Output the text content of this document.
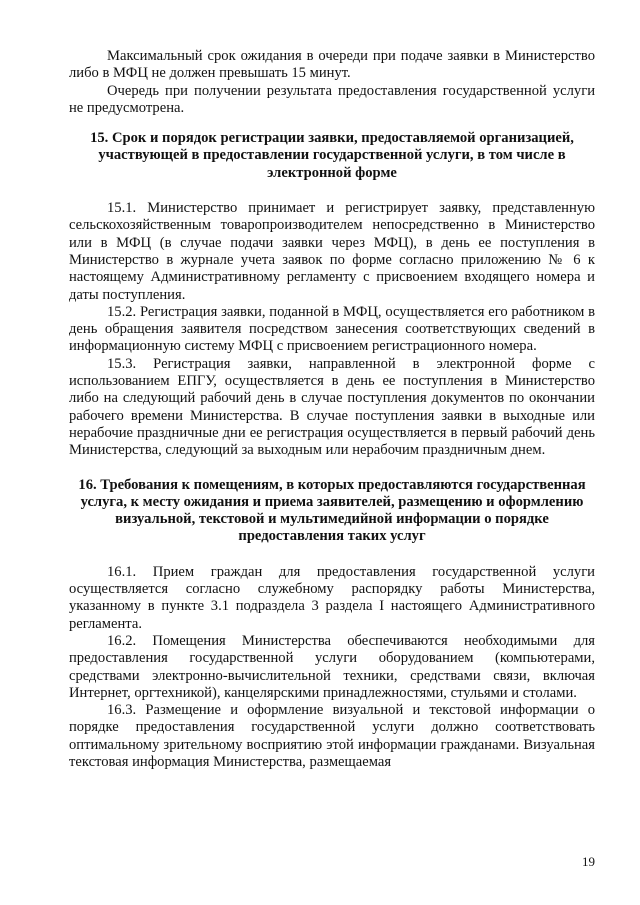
Максимальный срок ожидания в очереди при подаче заявки в Министерство либо в МФЦ не должен превышать 15 минут.

Очередь при получении результата предоставления государственной услуги не предусмотрена.

15. Срок и порядок регистрации заявки, предоставляемой организацией, участвующей в предоставлении государственной услуги, в том числе в электронной форме

15.1. Министерство принимает и регистрирует заявку, представленную сельскохозяйственным товаропроизводителем непосредственно в Министерство или в МФЦ (в случае подачи заявки через МФЦ), в день ее поступления в Министерство в журнале учета заявок по форме согласно приложению № 6 к настоящему Административному регламенту с присвоением входящего номера и даты поступления.

15.2. Регистрация заявки, поданной в МФЦ, осуществляется его работником в день обращения заявителя посредством занесения соответствующих сведений в информационную систему МФЦ с присвоением регистрационного номера.

15.3. Регистрация заявки, направленной в электронной форме с использованием ЕПГУ, осуществляется в день ее поступления в Министерство либо на следующий рабочий день в случае поступления документов по окончании рабочего времени Министерства. В случае поступления заявки в выходные или нерабочие праздничные дни ее регистрация осуществляется в первый рабочий день Министерства, следующий за выходным или нерабочим праздничным днем.

16. Требования к помещениям, в которых предоставляются государственная услуга, к месту ожидания и приема заявителей, размещению и оформлению визуальной, текстовой и мультимедийной информации о порядке предоставления таких услуг

16.1. Прием граждан для предоставления государственной услуги осуществляется согласно служебному распорядку работы Министерства, указанному в пункте 3.1 подраздела 3 раздела I настоящего Административного регламента.

16.2. Помещения Министерства обеспечиваются необходимыми для предоставления государственной услуги оборудованием (компьютерами, средствами электронно-вычислительной техники, средствами связи, включая Интернет, оргтехникой), канцелярскими принадлежностями, стульями и столами.

16.3. Размещение и оформление визуальной и текстовой информации о порядке предоставления государственной услуги должно соответствовать оптимальному зрительному восприятию этой информации гражданами. Визуальная текстовая информация Министерства, размещаемая

19
